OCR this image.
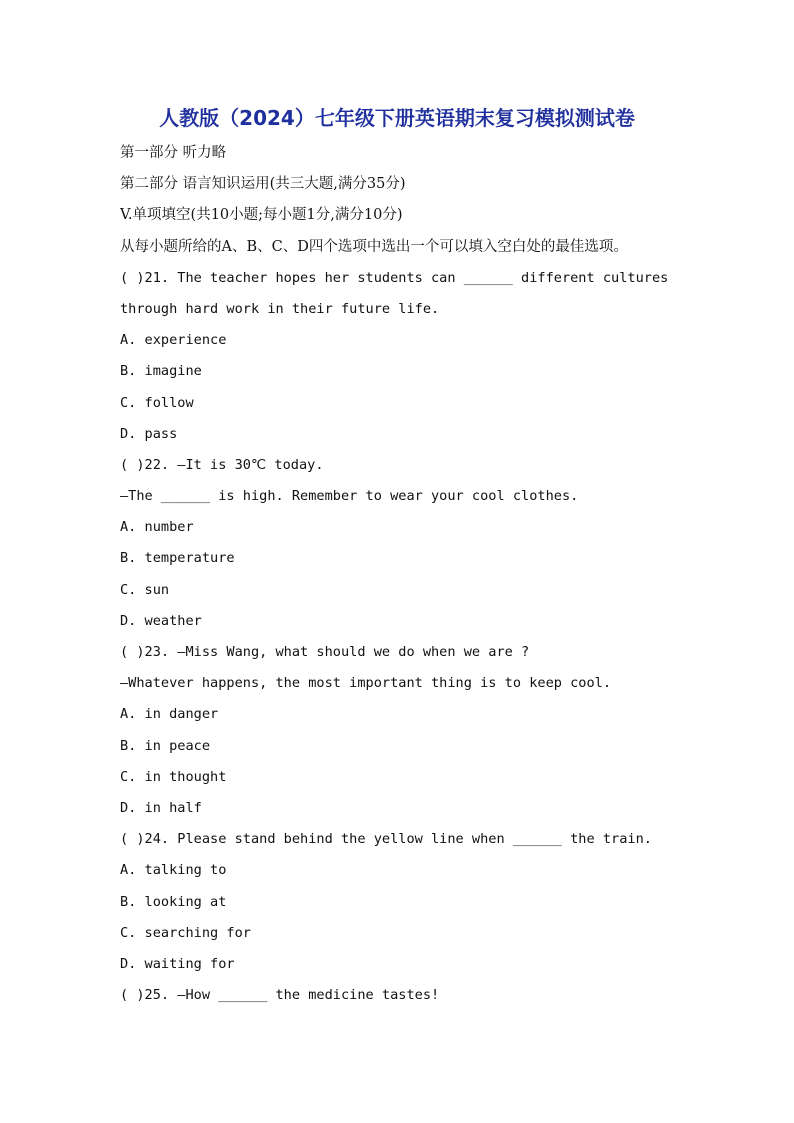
人教版（2024）七年级下册英语期末复习模拟测试卷
第一部分 听力略
第二部分 语言知识运用(共三大题,满分35分)
V.单项填空(共10小题;每小题1分,满分10分)
从每小题所给的A、B、C、D四个选项中选出一个可以填入空白处的最佳选项。
( )21. The teacher hopes her students can ______ different cultures
through hard work in their future life.
A. experience
B. imagine
C. follow
D. pass
( )22. —It is 30℃ today.
—The ______ is high. Remember to wear your cool clothes.
A. number
B. temperature
C. sun
D. weather
( )23. —Miss Wang, what should we do when we are ?
—Whatever happens, the most important thing is to keep cool.
A. in danger
B. in peace
C. in thought
D. in half
( )24. Please stand behind the yellow line when ______ the train.
A. talking to
B. looking at
C. searching for
D. waiting for
( )25. —How ______ the medicine tastes!
